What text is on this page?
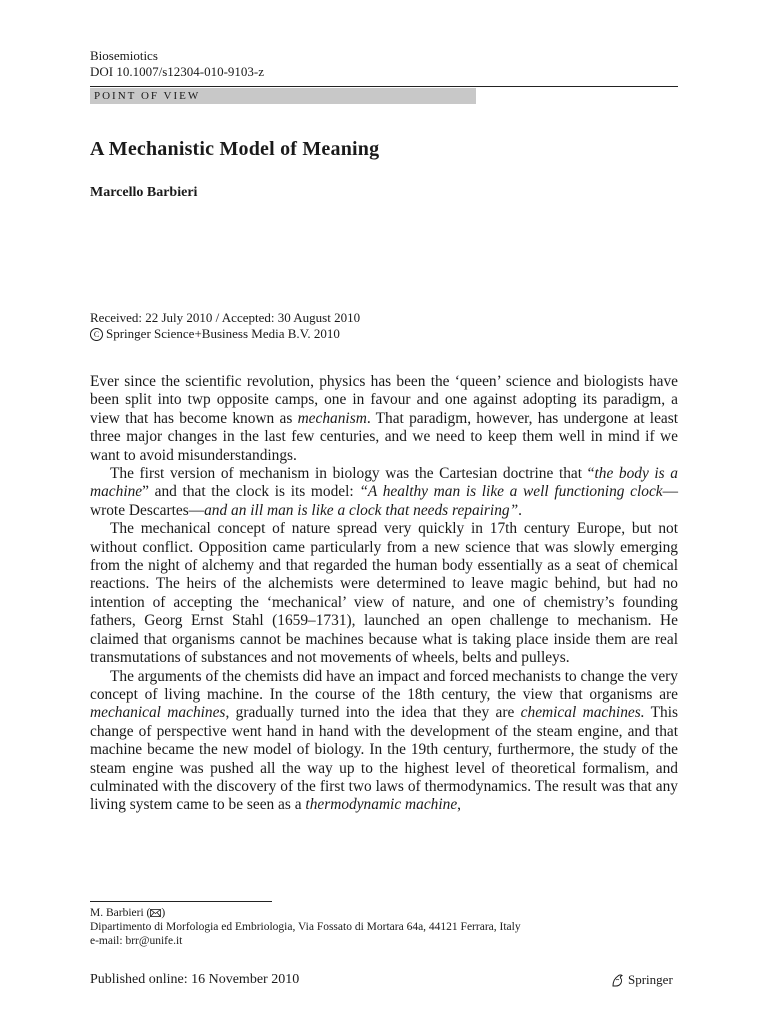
Biosemiotics
DOI 10.1007/s12304-010-9103-z
POINT OF VIEW
A Mechanistic Model of Meaning
Marcello Barbieri
Received: 22 July 2010 / Accepted: 30 August 2010
C Springer Science+Business Media B.V. 2010

Ever since the scientific revolution, physics has been the ‘queen’ science and biologists have been split into twp opposite camps, one in favour and one against adopting its paradigm, a view that has become known as mechanism. That paradigm, however, has undergone at least three major changes in the last few centuries, and we need to keep them well in mind if we want to avoid misunderstandings.

The first version of mechanism in biology was the Cartesian doctrine that “the body is a machine” and that the clock is its model: “A healthy man is like a well functioning clock—wrote Descartes—and an ill man is like a clock that needs repairing”.

The mechanical concept of nature spread very quickly in 17th century Europe, but not without conflict. Opposition came particularly from a new science that was slowly emerging from the night of alchemy and that regarded the human body essentially as a seat of chemical reactions. The heirs of the alchemists were determined to leave magic behind, but had no intention of accepting the ‘mechanical’ view of nature, and one of chemistry’s founding fathers, Georg Ernst Stahl (1659–1731), launched an open challenge to mechanism. He claimed that organisms cannot be machines because what is taking place inside them are real transmutations of substances and not movements of wheels, belts and pulleys.

The arguments of the chemists did have an impact and forced mechanists to change the very concept of living machine. In the course of the 18th century, the view that organisms are mechanical machines, gradually turned into the idea that they are chemical machines. This change of perspective went hand in hand with the development of the steam engine, and that machine became the new model of biology. In the 19th century, furthermore, the study of the steam engine was pushed all the way up to the highest level of theoretical formalism, and culminated with the discovery of the first two laws of thermodynamics. The result was that any living system came to be seen as a thermodynamic machine,

M. Barbieri ( )
Dipartimento di Morfologia ed Embriologia, Via Fossato di Mortara 64a, 44121 Ferrara, Italy
e-mail: brr@unife.it
Published online: 16 November 2010	Springer
